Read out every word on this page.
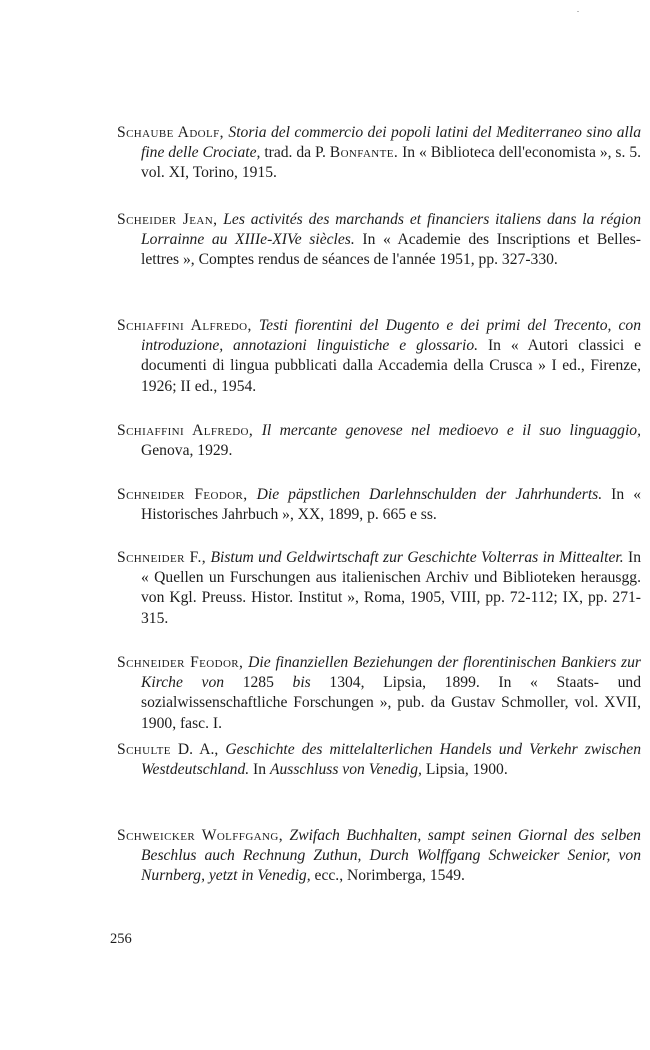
Schaube Adolf, Storia del commercio dei popoli latini del Mediterraneo sino alla fine delle Crociate, trad. da P. Bonfante. In « Biblioteca dell'economista », s. 5. vol. XI, Torino, 1915.

Scheider Jean, Les activités des marchands et financiers italiens dans la région Lorrainne au XIIIe-XIVe siècles. In « Academie des Inscriptions et Belles-lettres », Comptes rendus de séances de l'année 1951, pp. 327-330.

Schiaffini Alfredo, Testi fiorentini del Dugento e dei primi del Trecento, con introduzione, annotazioni linguistiche e glossario. In « Autori classici e documenti di lingua pubblicati dalla Accademia della Crusca » I ed., Firenze, 1926; II ed., 1954.

Schiaffini Alfredo, Il mercante genovese nel medioevo e il suo linguaggio, Genova, 1929.

Schneider Feodor, Die päpstlichen Darlehnschulden der Jahrhunderts. In « Historisches Jahrbuch », XX, 1899, p. 665 e ss.

Schneider F., Bistum und Geldwirtschaft zur Geschichte Volterras in Mittealter. In « Quellen un Furschungen aus italienischen Archiv und Biblioteken herausgg. von Kgl. Preuss. Histor. Institut », Roma, 1905, VIII, pp. 72-112; IX, pp. 271-315.

Schneider Feodor, Die finanziellen Beziehungen der florentinischen Bankiers zur Kirche von 1285 bis 1304, Lipsia, 1899. In « Staats- und sozialwissenschaftliche Forschungen », pub. da Gustav Schmoller, vol. XVII, 1900, fasc. I.

Schulte D. A., Geschichte des mittelalterlichen Handels und Verkehr zwischen Westdeutschland. In Ausschluss von Venedig, Lipsia, 1900.

Schweicker Wolffgang, Zwifach Buchhalten, sampt seinen Giornal des selben Beschlus auch Rechnung Zuthun, Durch Wolffgang Schweicker Senior, von Nurnberg, yetzt in Venedig, ecc., Norimberga, 1549.

256
